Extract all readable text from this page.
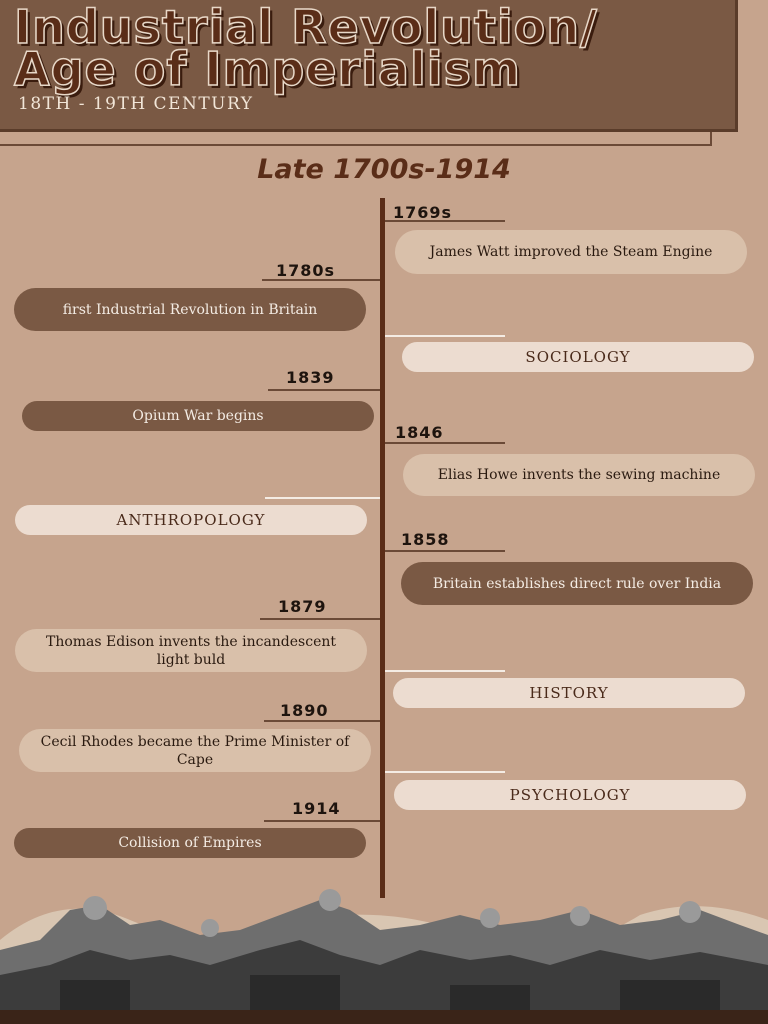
Industrial Revolution/
Age of Imperialism
18TH - 19TH CENTURY
Late 1700s-1914
1769s
James Watt improved the Steam Engine
1780s
first Industrial Revolution in Britain
SOCIOLOGY
1839
Opium War begins
1846
Elias Howe invents the sewing machine
ANTHROPOLOGY
1858
Britain establishes direct rule over India
1879
Thomas Edison invents the incandescent light buld
HISTORY
1890
Cecil Rhodes became the Prime Minister of Cape
PSYCHOLOGY
1914
Collision of Empires
